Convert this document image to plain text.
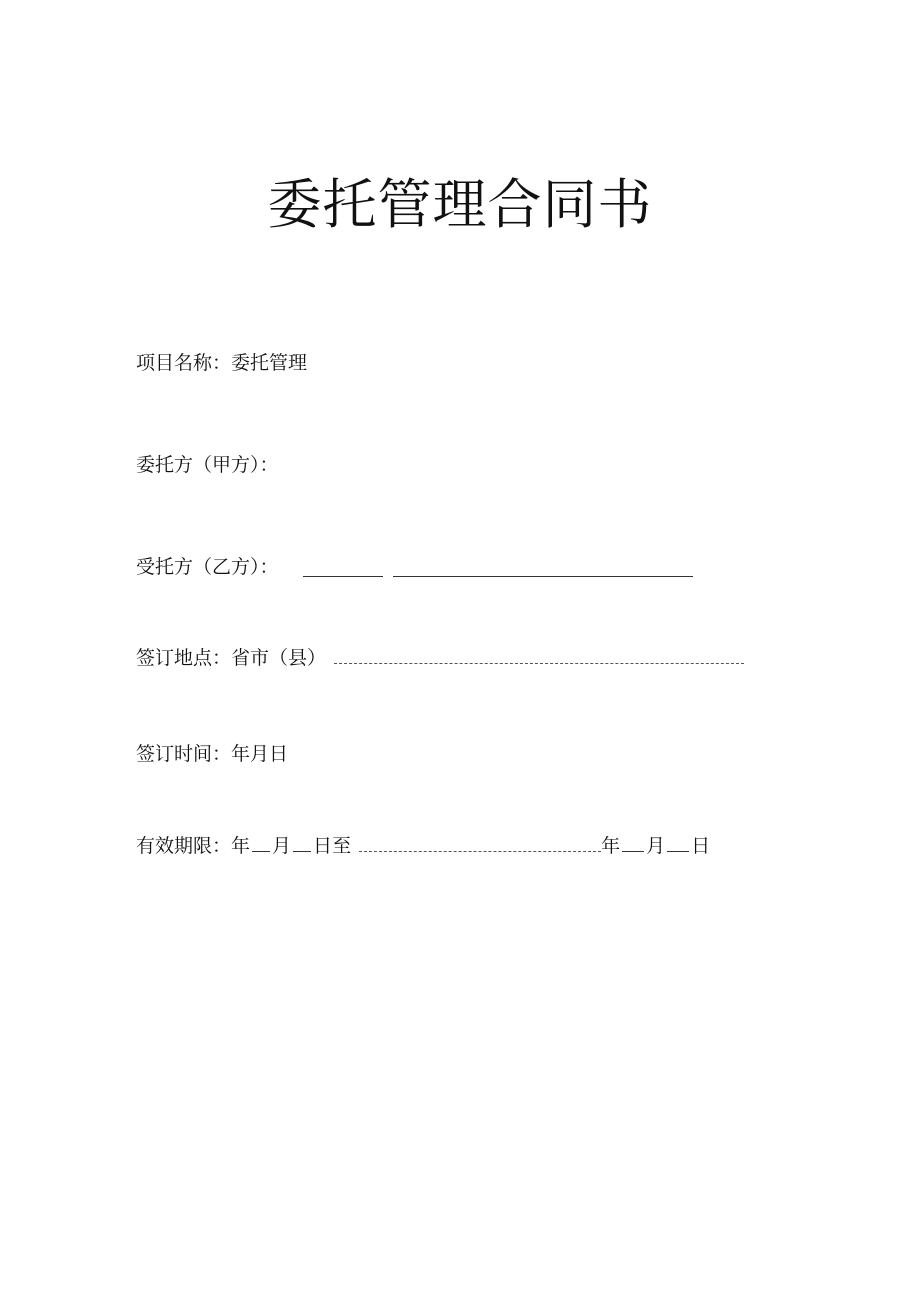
委托管理合同书
项目名称： 委托管理
委托方（甲方）：
受托方（乙方）：
签订地点： 省 市（县）
签订时间： 年 月 日
有效期限： 年 月 日 至	年 月 日
